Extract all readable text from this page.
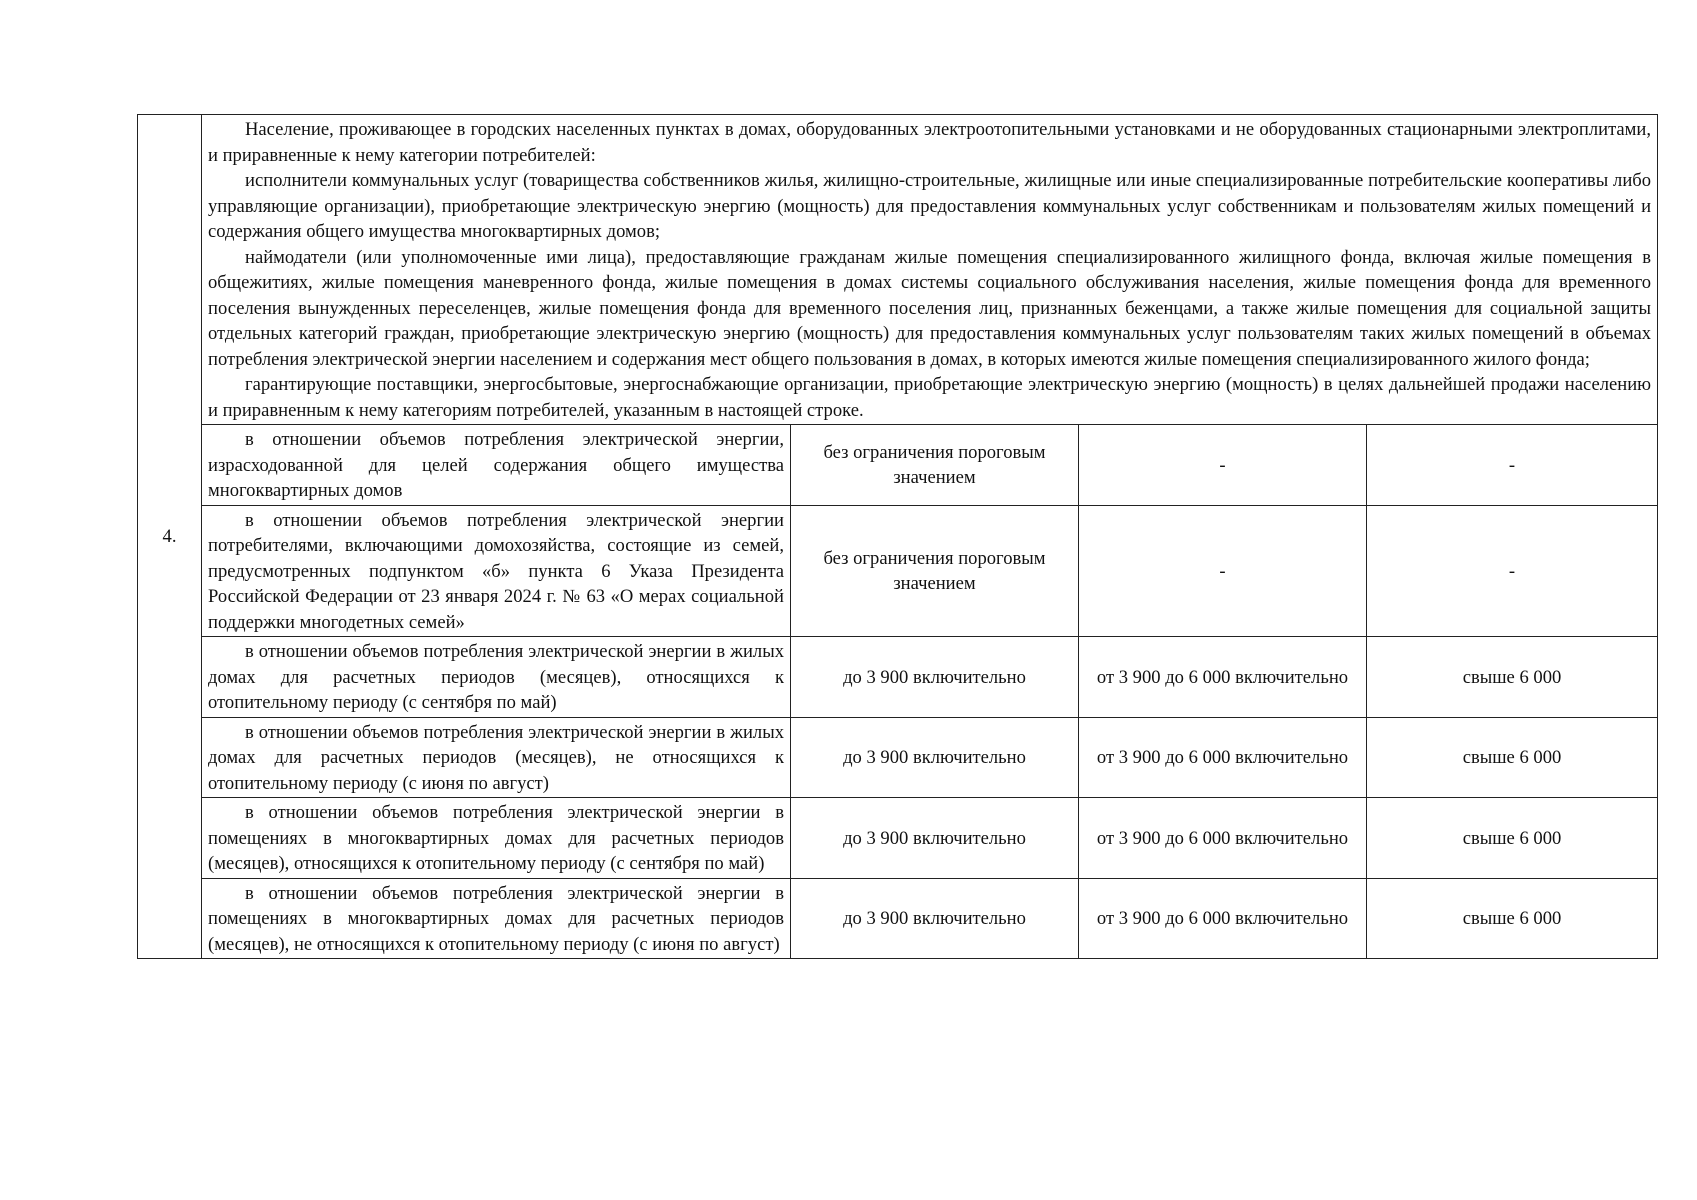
4.	Население, проживающее в городских населенных пунктах в домах, оборудованных электроотопительными установками и не оборудованных стационарными электроплитами, и приравненные к нему категории потребителей:

исполнители коммунальных услуг (товарищества собственников жилья, жилищно-строительные, жилищные или иные специализированные потребительские кооперативы либо управляющие организации), приобретающие электрическую энергию (мощность) для предоставления коммунальных услуг собственникам и пользователям жилых помещений и содержания общего имущества многоквартирных домов;

наймодатели (или уполномоченные ими лица), предоставляющие гражданам жилые помещения специализированного жилищного фонда, включая жилые помещения в общежитиях, жилые помещения маневренного фонда, жилые помещения в домах системы социального обслуживания населения, жилые помещения фонда для временного поселения вынужденных переселенцев, жилые помещения фонда для временного поселения лиц, признанных беженцами, а также жилые помещения для социальной защиты отдельных категорий граждан, приобретающие электрическую энергию (мощность) для предоставления коммунальных услуг пользователям таких жилых помещений в объемах потребления электрической энергии населением и содержания мест общего пользования в домах, в которых имеются жилые помещения специализированного жилого фонда;

гарантирующие поставщики, энергосбытовые, энергоснабжающие организации, приобретающие электрическую энергию (мощность) в целях дальнейшей продажи населению и приравненным к нему категориям потребителей, указанным в настоящей строке.			

	в отношении объемов потребления электрической энергии, израсходованной для целей содержания общего имущества многоквартирных домов	без ограничения пороговым значением	-	-
	в отношении объемов потребления электрической энергии потребителями, включающими домохозяйства, состоящие из семей, предусмотренных подпунктом «б» пункта 6 Указа Президента Российской Федерации от 23 января 2024 г. № 63 «О мерах социальной поддержки многодетных семей»	без ограничения пороговым значением	-	-
	в отношении объемов потребления электрической энергии в жилых домах для расчетных периодов (месяцев), относящихся к отопительному периоду (с сентября по май)	до 3 900 включительно	от 3 900 до 6 000 включительно	свыше 6 000
	в отношении объемов потребления электрической энергии в жилых домах для расчетных периодов (месяцев), не относящихся к отопительному периоду (с июня по август)	до 3 900 включительно	от 3 900 до 6 000 включительно	свыше 6 000
	в отношении объемов потребления электрической энергии в помещениях в многоквартирных домах для расчетных периодов (месяцев), относящихся к отопительному периоду (с сентября по май)	до 3 900 включительно	от 3 900 до 6 000 включительно	свыше 6 000
	в отношении объемов потребления электрической энергии в помещениях в многоквартирных домах для расчетных периодов (месяцев), не относящихся к отопительному периоду (с июня по август)	до 3 900 включительно	от 3 900 до 6 000 включительно	свыше 6 000
